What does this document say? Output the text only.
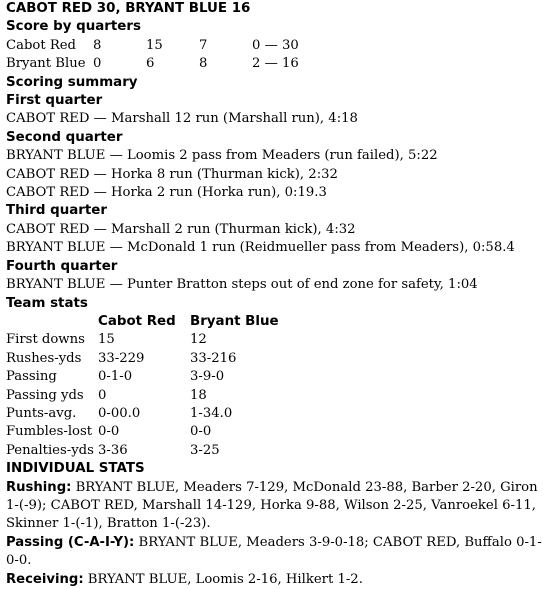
CABOT RED 30, BRYANT BLUE 16
Score by quarters
Cabot Red	8	15	7	0 — 30
Bryant Blue	0	6	8	2 — 16
Scoring summary
First quarter
CABOT RED — Marshall 12 run (Marshall run), 4:18
Second quarter
BRYANT BLUE — Loomis 2 pass from Meaders (run failed), 5:22
CABOT RED — Horka 8 run (Thurman kick), 2:32
CABOT RED — Horka 2 run (Horka run), 0:19.3
Third quarter
CABOT RED — Marshall 2 run (Thurman kick), 4:32
BRYANT BLUE — McDonald 1 run (Reidmueller pass from Meaders), 0:58.4
Fourth quarter
BRYANT BLUE — Punter Bratton steps out of end zone for safety, 1:04
Team stats
	Cabot Red	Bryant Blue
First downs	15	12
Rushes-yds	33-229	33-216
Passing	0-1-0	3-9-0
Passing yds	0	18
Punts-avg.	0-00.0	1-34.0
Fumbles-lost	0-0	0-0
Penalties-yds	3-36	3-25
INDIVIDUAL STATS
Rushing: BRYANT BLUE, Meaders 7-129, McDonald 23-88, Barber 2-20, Giron 1-(-9); CABOT RED, Marshall 14-129, Horka 9-88, Wilson 2-25, Vanroekel 6-11, Skinner 1-(-1), Bratton 1-(-23).
Passing (C-A-I-Y): BRYANT BLUE, Meaders 3-9-0-18; CABOT RED, Buffalo 0-1-0-0.
Receiving: BRYANT BLUE, Loomis 2-16, Hilkert 1-2.
